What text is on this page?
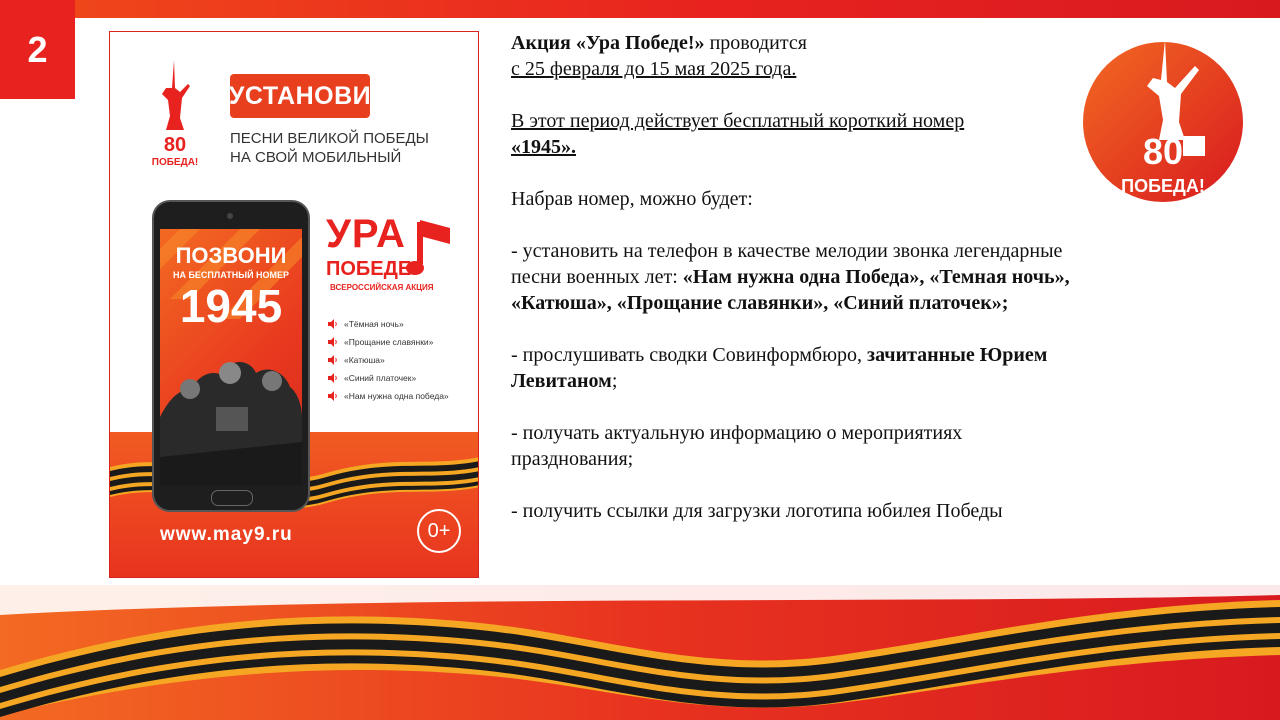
2
80
ПОБЕДА!
УСТАНОВИ
ПЕСНИ ВЕЛИКОЙ ПОБЕДЫ
НА СВОЙ МОБИЛЬНЫЙ
ПОЗВОНИ
НА БЕСПЛАТНЫЙ НОМЕР
1945
УРА
ПОБЕДЕ
ВСЕРОССИЙСКАЯ АКЦИЯ
«Тёмная ночь»
«Прощание славянки»
«Катюша»
«Синий платочек»
«Нам нужна одна победа»
www.may9.ru	0+

Акция «Ура Победе!» проводится

с 25 февраля до 15 мая 2025 года.

В этот период действует бесплатный короткий номер

«1945».

Набрав номер, можно будет:

- установить на телефон в качестве мелодии звонка легендарные песни военных лет: «Нам нужна одна Победа», «Темная ночь», «Катюша», «Прощание славянки», «Синий платочек»;

- прослушивать сводки Совинформбюро, зачитанные Юрием Левитаном;

- получать актуальную информацию о мероприятиях празднования;

- получить ссылки для загрузки логотипа юбилея Победы

80
ПОБЕДА!
